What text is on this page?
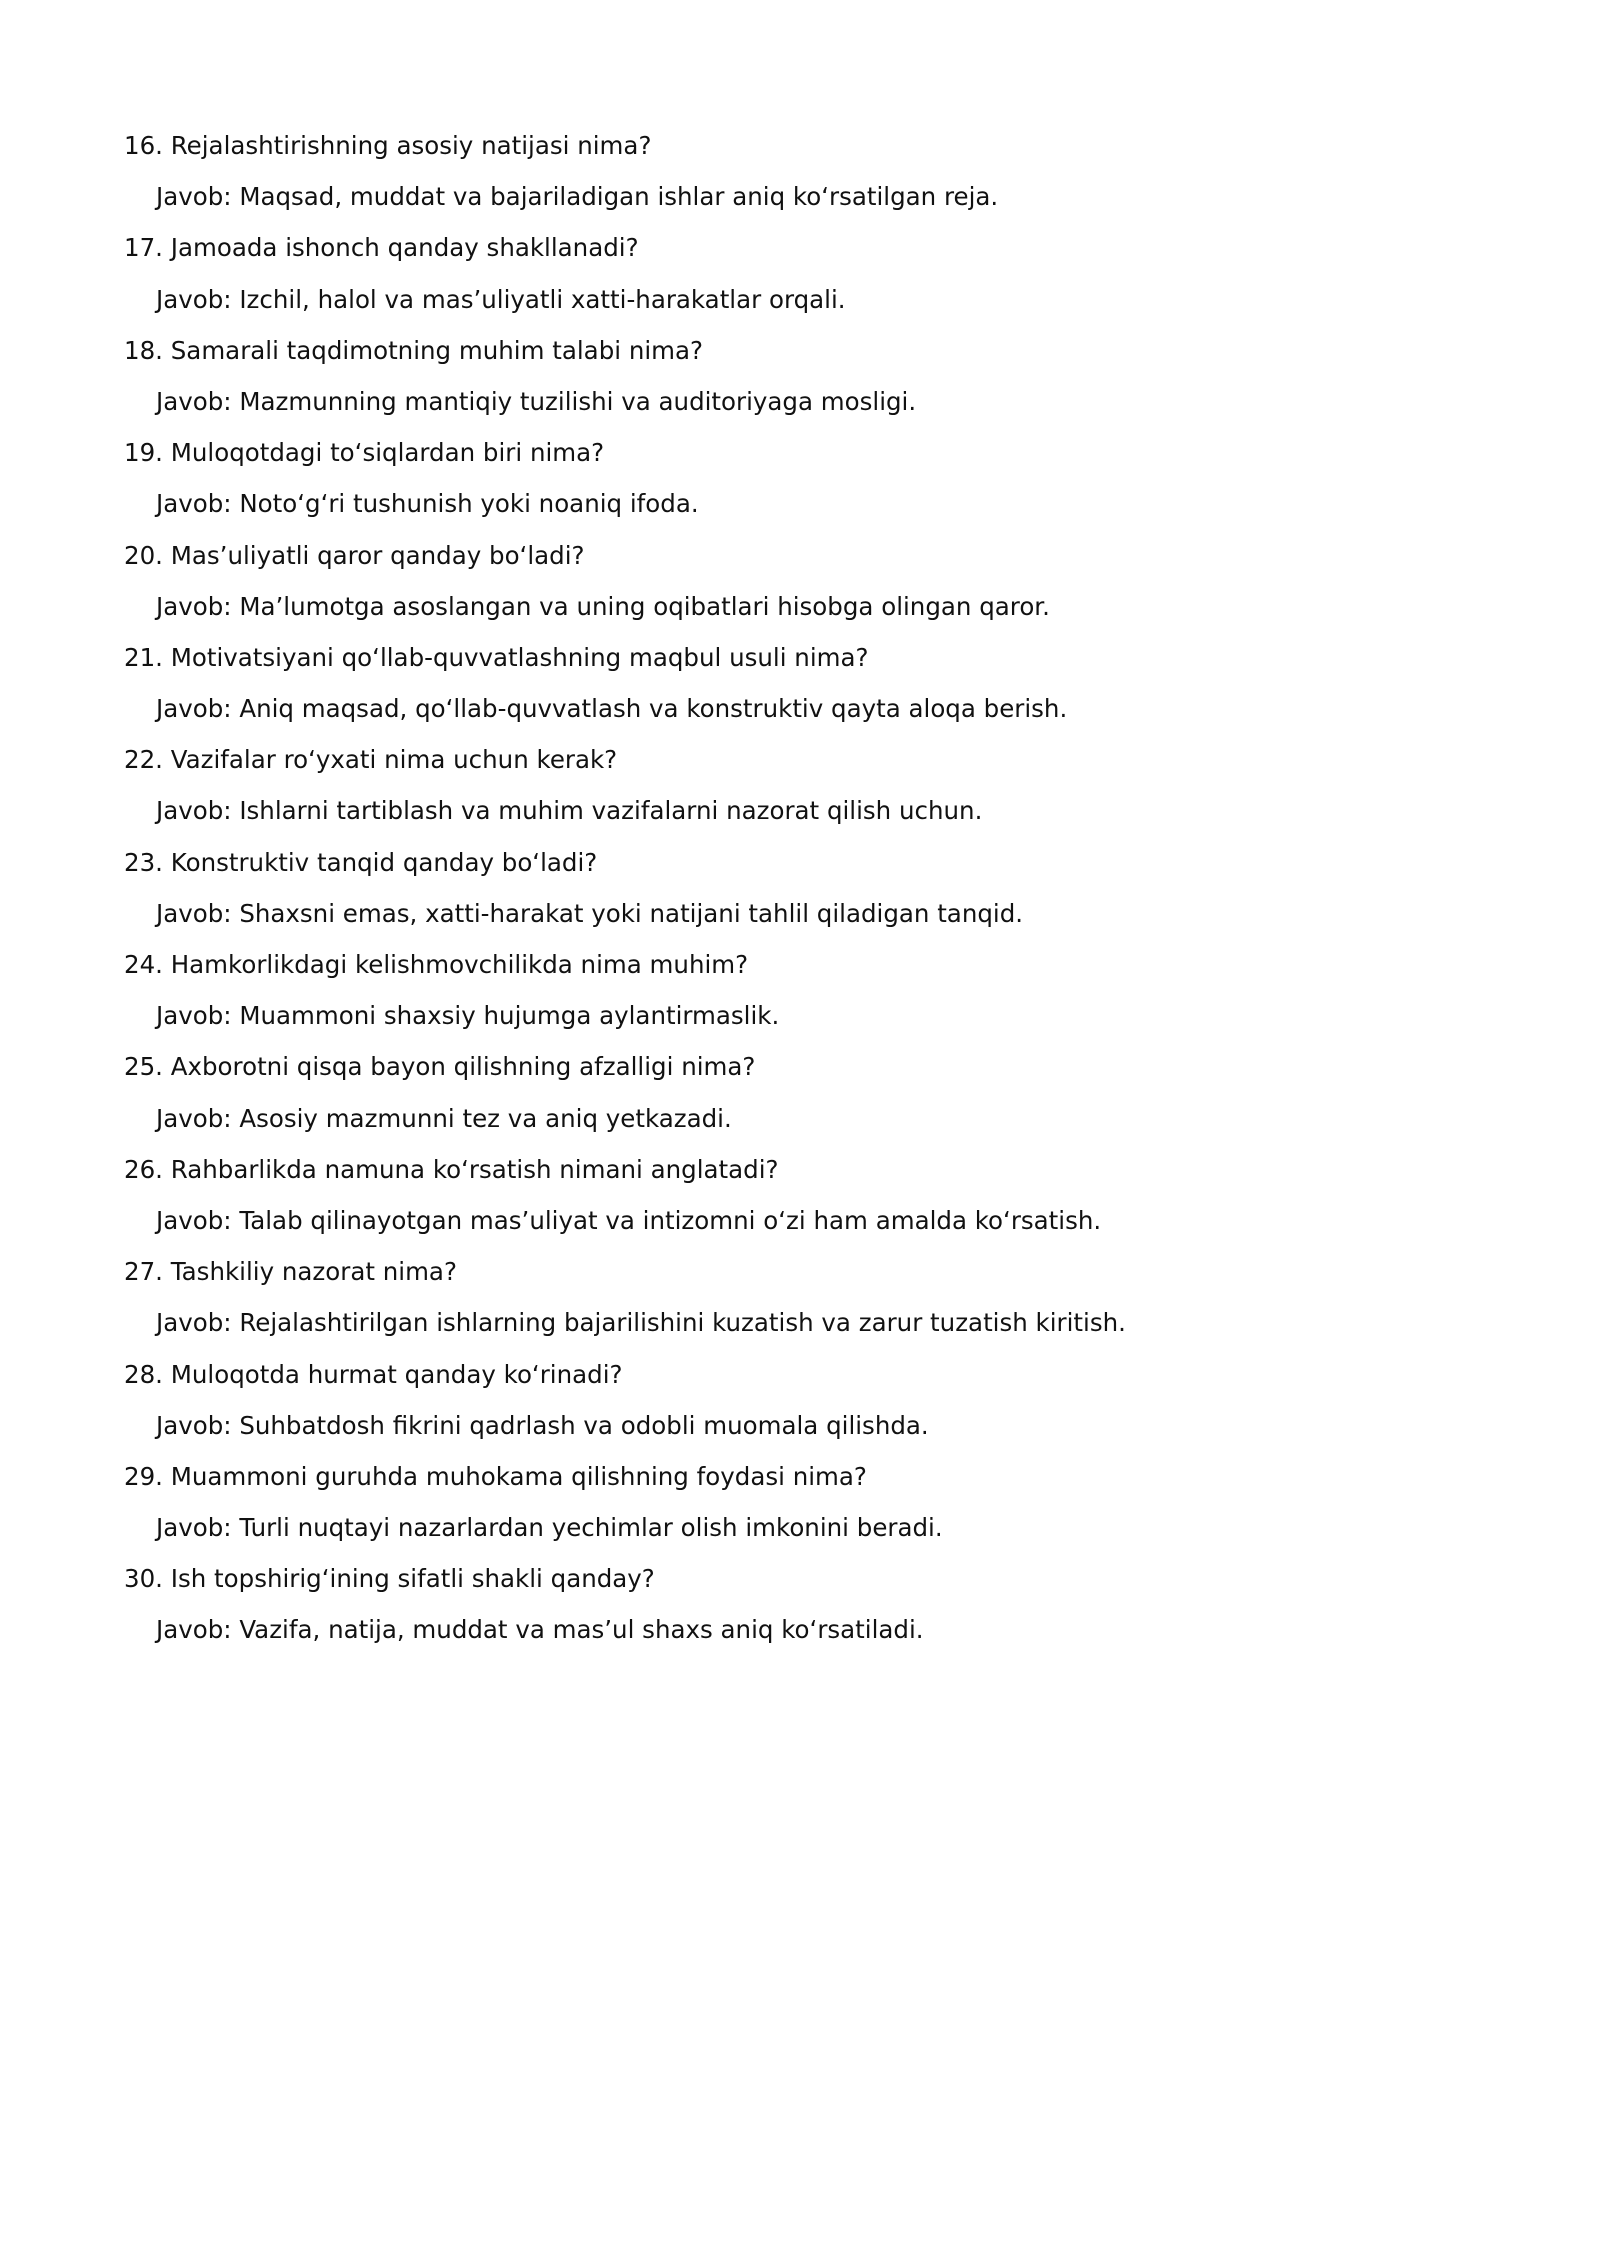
16. Rejalashtirishning asosiy natijasi nima?
Javob: Maqsad, muddat va bajariladigan ishlar aniq ko‘rsatilgan reja.
17. Jamoada ishonch qanday shakllanadi?
Javob: Izchil, halol va mas’uliyatli xatti-harakatlar orqali.
18. Samarali taqdimotning muhim talabi nima?
Javob: Mazmunning mantiqiy tuzilishi va auditoriyaga mosligi.
19. Muloqotdagi to‘siqlardan biri nima?
Javob: Noto‘g‘ri tushunish yoki noaniq ifoda.
20. Mas’uliyatli qaror qanday bo‘ladi?
Javob: Ma’lumotga asoslangan va uning oqibatlari hisobga olingan qaror.
21. Motivatsiyani qo‘llab-quvvatlashning maqbul usuli nima?
Javob: Aniq maqsad, qo‘llab-quvvatlash va konstruktiv qayta aloqa berish.
22. Vazifalar ro‘yxati nima uchun kerak?
Javob: Ishlarni tartiblash va muhim vazifalarni nazorat qilish uchun.
23. Konstruktiv tanqid qanday bo‘ladi?
Javob: Shaxsni emas, xatti-harakat yoki natijani tahlil qiladigan tanqid.
24. Hamkorlikdagi kelishmovchilikda nima muhim?
Javob: Muammoni shaxsiy hujumga aylantirmaslik.
25. Axborotni qisqa bayon qilishning afzalligi nima?
Javob: Asosiy mazmunni tez va aniq yetkazadi.
26. Rahbarlikda namuna ko‘rsatish nimani anglatadi?
Javob: Talab qilinayotgan mas’uliyat va intizomni o‘zi ham amalda ko‘rsatish.
27. Tashkiliy nazorat nima?
Javob: Rejalashtirilgan ishlarning bajarilishini kuzatish va zarur tuzatish kiritish.
28. Muloqotda hurmat qanday ko‘rinadi?
Javob: Suhbatdosh fikrini qadrlash va odobli muomala qilishda.
29. Muammoni guruhda muhokama qilishning foydasi nima?
Javob: Turli nuqtayi nazarlardan yechimlar olish imkonini beradi.
30. Ish topshirig‘ining sifatli shakli qanday?
Javob: Vazifa, natija, muddat va mas’ul shaxs aniq ko‘rsatiladi.
